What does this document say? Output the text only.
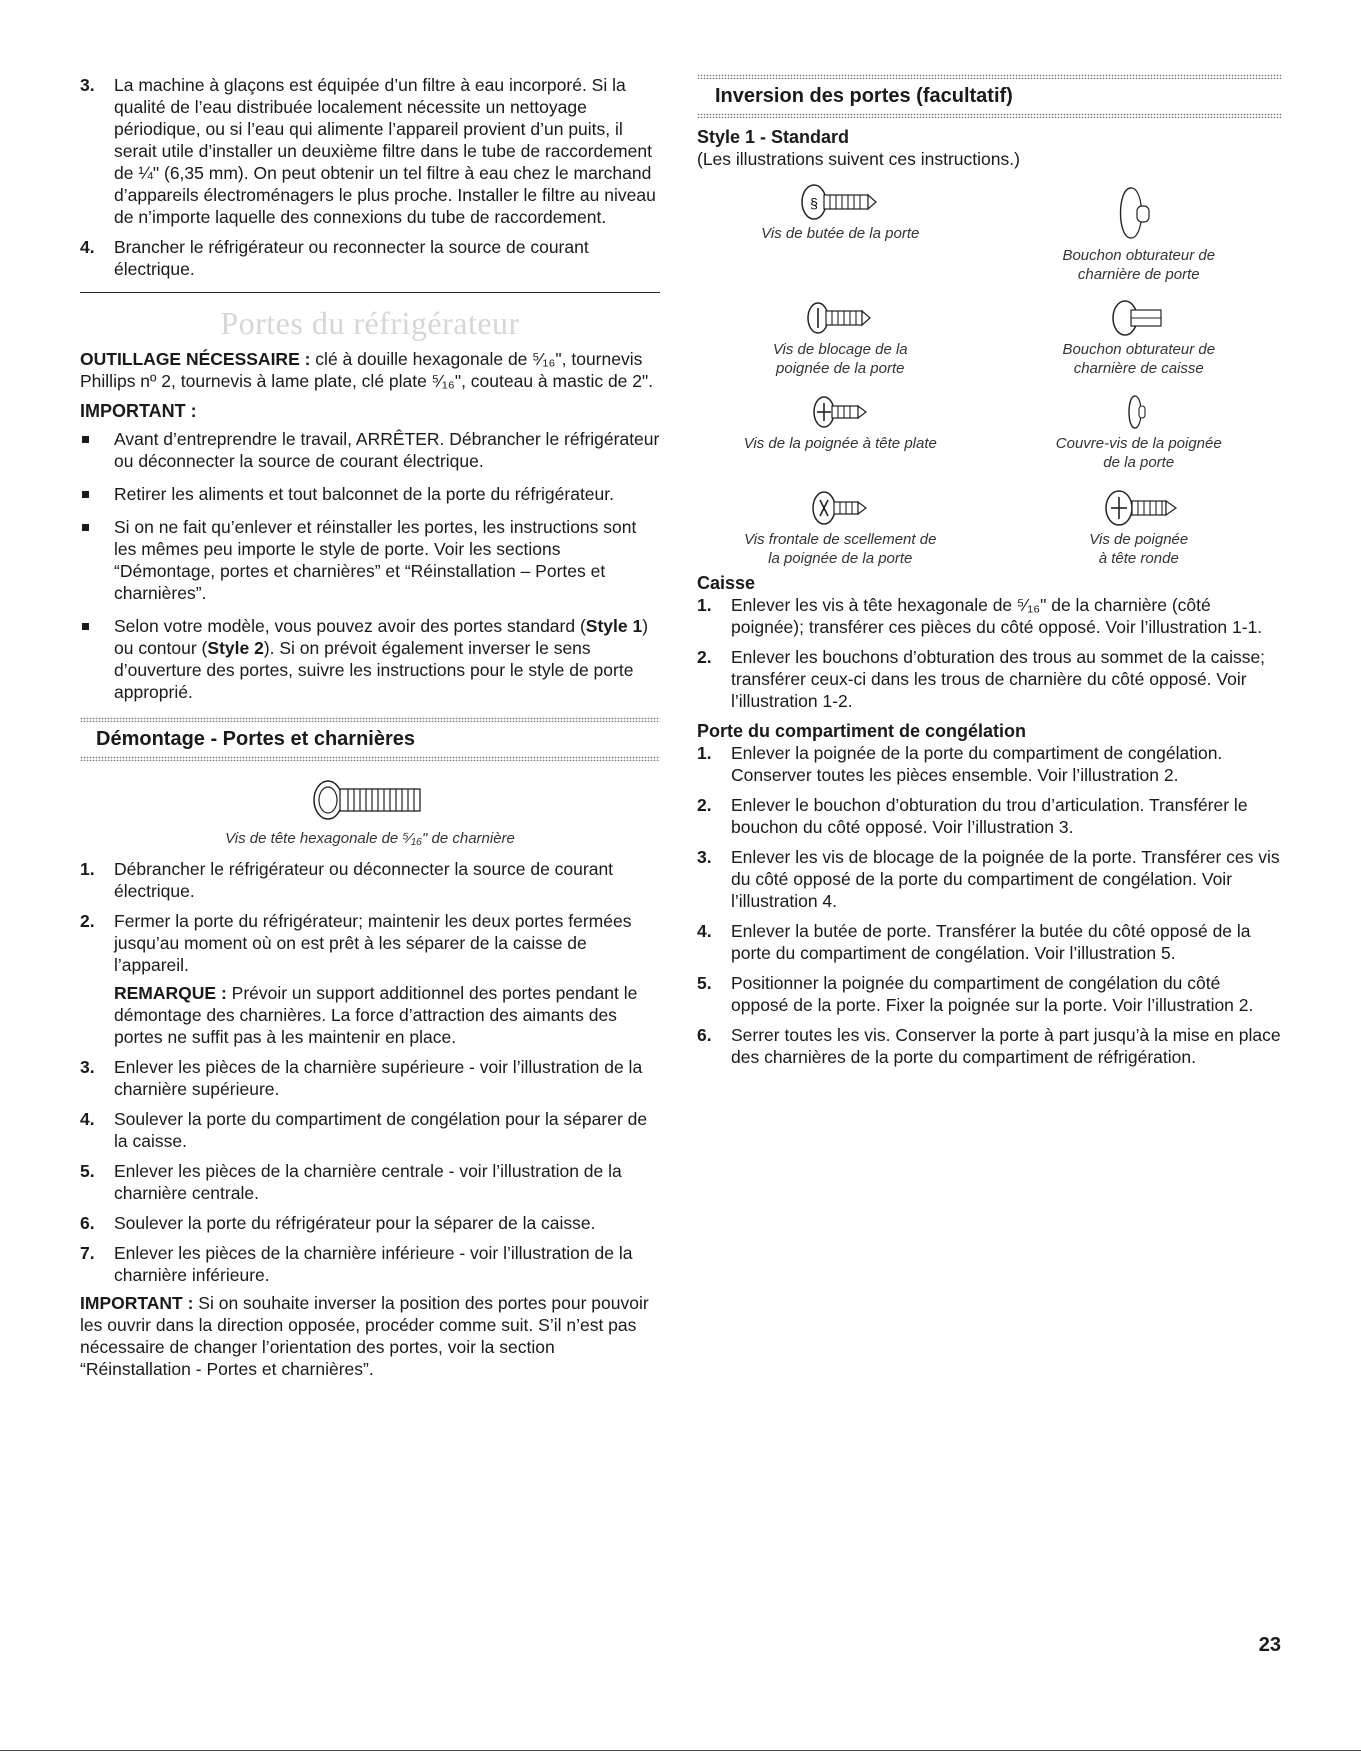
3.	La machine à glaçons est équipée d’un filtre à eau incorporé. Si la qualité de l’eau distribuée localement nécessite un nettoyage périodique, ou si l’eau qui alimente l’appareil provient d’un puits, il serait utile d’installer un deuxième filtre dans le tube de raccordement de ¼" (6,35 mm). On peut obtenir un tel filtre à eau chez le marchand d’appareils électroménagers le plus proche. Installer le filtre au niveau de n’importe laquelle des connexions du tube de raccordement.
4.	Brancher le réfrigérateur ou reconnecter la source de courant électrique.
Portes du réfrigérateur

OUTILLAGE NÉCESSAIRE : clé à douille hexagonale de ⁵⁄₁₆", tournevis Phillips nº 2, tournevis à lame plate, clé plate ⁵⁄₁₆", couteau à mastic de 2".

IMPORTANT :

Avant d’entreprendre le travail, ARRÊTER. Débrancher le réfrigérateur ou déconnecter la source de courant électrique.
Retirer les aliments et tout balconnet de la porte du réfrigérateur.
Si on ne fait qu’enlever et réinstaller les portes, les instructions sont les mêmes peu importe le style de porte. Voir les sections “Démontage, portes et charnières” et “Réinstallation – Portes et charnières”.
Selon votre modèle, vous pouvez avoir des portes standard (Style 1) ou contour (Style 2). Si on prévoit également inverser le sens d’ouverture des portes, suivre les instructions pour le style de porte approprié.
Démontage - Portes et charnières
Vis de tête hexagonale de ⁵⁄₁₆" de charnière
1.	Débrancher le réfrigérateur ou déconnecter la source de courant électrique.
2.	Fermer la porte du réfrigérateur; maintenir les deux portes fermées jusqu’au moment où on est prêt à les séparer de la caisse de l’appareil.

REMARQUE : Prévoir un support additionnel des portes pendant le démontage des charnières. La force d’attraction des aimants des portes ne suffit pas à les maintenir en place.

3.	Enlever les pièces de la charnière supérieure - voir l’illustration de la charnière supérieure.
4.	Soulever la porte du compartiment de congélation pour la séparer de la caisse.
5.	Enlever les pièces de la charnière centrale - voir l’illustration de la charnière centrale.
6.	Soulever la porte du réfrigérateur pour la séparer de la caisse.
7.	Enlever les pièces de la charnière inférieure - voir l’illustration de la charnière inférieure.

IMPORTANT : Si on souhaite inverser la position des portes pour pouvoir les ouvrir dans la direction opposée, procéder comme suit. S’il n’est pas nécessaire de changer l’orientation des portes, voir la section “Réinstallation - Portes et charnières”.

Inversion des portes (facultatif)

Style 1 - Standard

(Les illustrations suivent ces instructions.)

§
Vis de butée de la porte
Bouchon obturateur de charnière de porte
Vis de blocage de la poignée de la porte
Bouchon obturateur de charnière de caisse
Vis de la poignée à tête plate	Couvre-vis de la poignée de la porte
Vis frontale de scellement de la poignée de la porte
Vis de poignée à tête ronde

Caisse

1.	Enlever les vis à tête hexagonale de ⁵⁄₁₆" de la charnière (côté poignée); transférer ces pièces du côté opposé. Voir l’illustration 1-1.
2.	Enlever les bouchons d’obturation des trous au sommet de la caisse; transférer ceux-ci dans les trous de charnière du côté opposé. Voir l’illustration 1-2.

Porte du compartiment de congélation

1.	Enlever la poignée de la porte du compartiment de congélation. Conserver toutes les pièces ensemble. Voir l’illustration 2.
2.	Enlever le bouchon d’obturation du trou d’articulation. Transférer le bouchon du côté opposé. Voir l’illustration 3.
3.	Enlever les vis de blocage de la poignée de la porte. Transférer ces vis du côté opposé de la porte du compartiment de congélation. Voir l’illustration 4.
4.	Enlever la butée de porte. Transférer la butée du côté opposé de la porte du compartiment de congélation. Voir l’illustration 5.
5.	Positionner la poignée du compartiment de congélation du côté opposé de la porte. Fixer la poignée sur la porte. Voir l’illustration 2.
6.	Serrer toutes les vis. Conserver la porte à part jusqu’à la mise en place des charnières de la porte du compartiment de réfrigération.
23
